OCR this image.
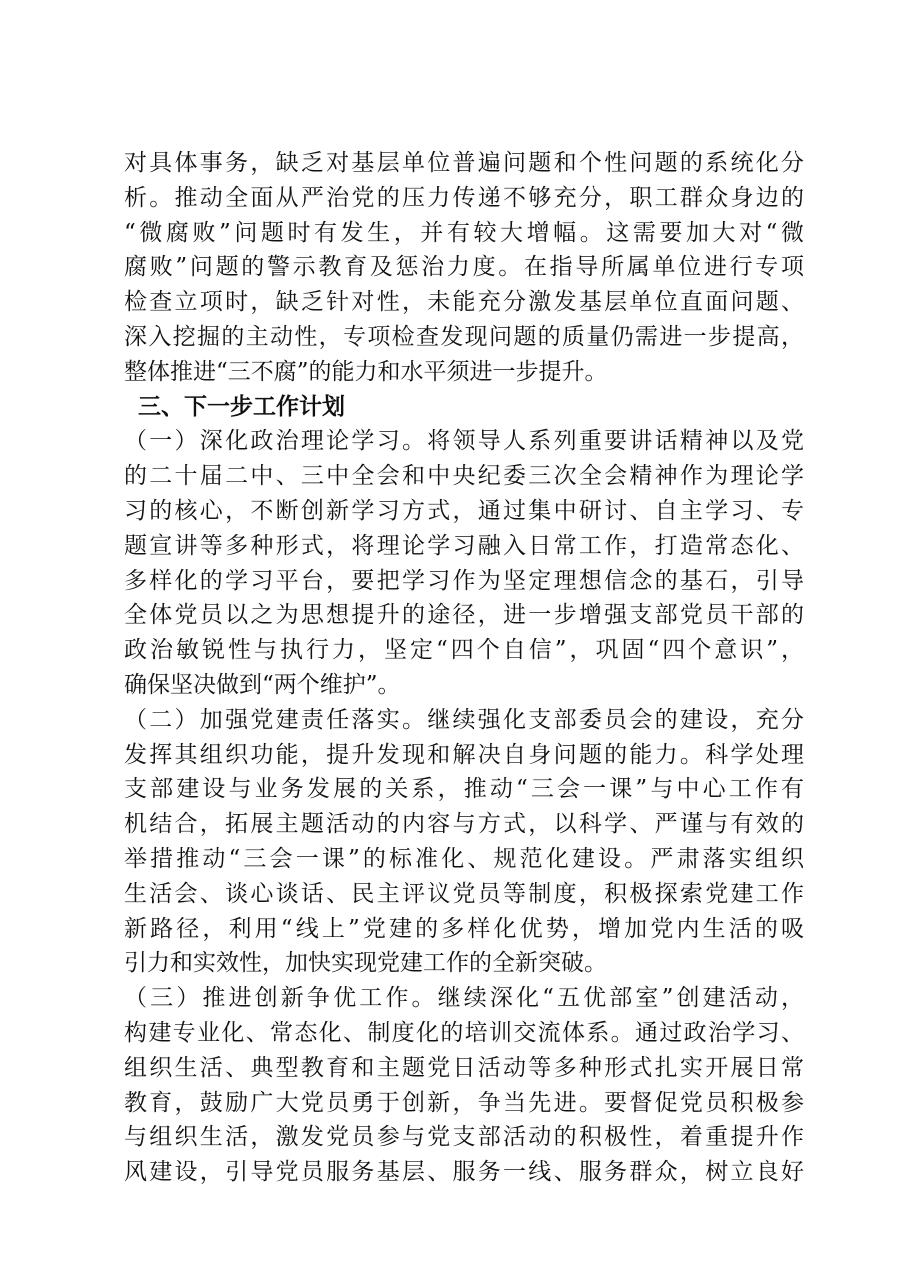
对具体事务，缺乏对基层单位普遍问题和个性问题的系统化分
析。推动全面从严治党的压力传递不够充分，职工群众身边的
“微腐败”问题时有发生，并有较大增幅。这需要加大对“微
腐败”问题的警示教育及惩治力度。在指导所属单位进行专项
检查立项时，缺乏针对性，未能充分激发基层单位直面问题、
深入挖掘的主动性，专项检查发现问题的质量仍需进一步提高，
整体推进“三不腐”的能力和水平须进一步提升。
三、下一步工作计划
（一）深化政治理论学习。将领导人系列重要讲话精神以及党
的二十届二中、三中全会和中央纪委三次全会精神作为理论学
习的核心，不断创新学习方式，通过集中研讨、自主学习、专
题宣讲等多种形式，将理论学习融入日常工作，打造常态化、
多样化的学习平台，要把学习作为坚定理想信念的基石，引导
全体党员以之为思想提升的途径，进一步增强支部党员干部的
政治敏锐性与执行力，坚定“四个自信”，巩固“四个意识”，
确保坚决做到“两个维护”。
（二）加强党建责任落实。继续强化支部委员会的建设，充分
发挥其组织功能，提升发现和解决自身问题的能力。科学处理
支部建设与业务发展的关系，推动“三会一课”与中心工作有
机结合，拓展主题活动的内容与方式，以科学、严谨与有效的
举措推动“三会一课”的标准化、规范化建设。严肃落实组织
生活会、谈心谈话、民主评议党员等制度，积极探索党建工作
新路径，利用“线上”党建的多样化优势，增加党内生活的吸
引力和实效性，加快实现党建工作的全新突破。
（三）推进创新争优工作。继续深化“五优部室”创建活动，
构建专业化、常态化、制度化的培训交流体系。通过政治学习、
组织生活、典型教育和主题党日活动等多种形式扎实开展日常
教育，鼓励广大党员勇于创新，争当先进。要督促党员积极参
与组织生活，激发党员参与党支部活动的积极性，着重提升作
风建设，引导党员服务基层、服务一线、服务群众，树立良好
